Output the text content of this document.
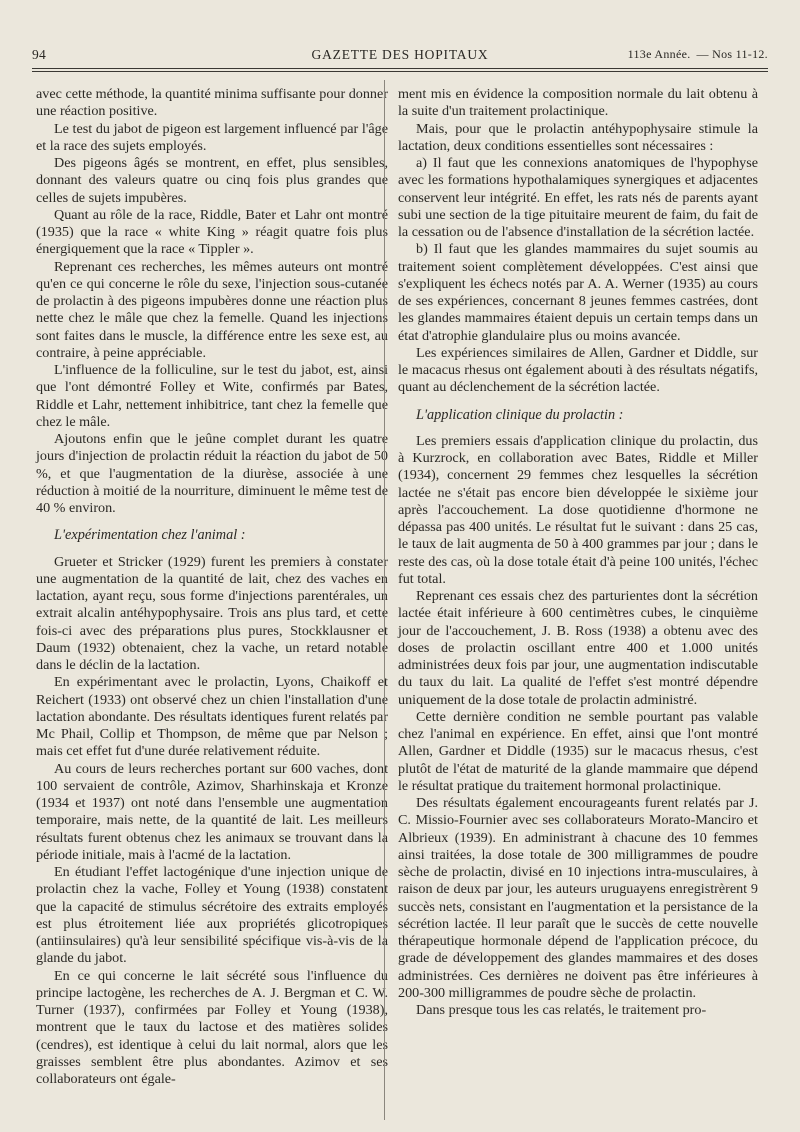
94	GAZETTE DES HOPITAUX	113e Année. — Nos 11-12.

avec cette méthode, la quantité minima suffisante pour donner une réaction positive.

Le test du jabot de pigeon est largement influencé par l'âge et la race des sujets employés.

Des pigeons âgés se montrent, en effet, plus sensibles, donnant des valeurs quatre ou cinq fois plus grandes que celles de sujets impubères.

Quant au rôle de la race, Riddle, Bater et Lahr ont montré (1935) que la race « white King » réagit quatre fois plus énergiquement que la race « Tippler ».

Reprenant ces recherches, les mêmes auteurs ont montré qu'en ce qui concerne le rôle du sexe, l'injection sous-cutanée de prolactin à des pigeons impubères donne une réaction plus nette chez le mâle que chez la femelle. Quand les injections sont faites dans le muscle, la différence entre les sexe est, au contraire, à peine appréciable.

L'influence de la folliculine, sur le test du jabot, est, ainsi que l'ont démontré Folley et Wite, confirmés par Bates, Riddle et Lahr, nettement inhibitrice, tant chez la femelle que chez le mâle.

Ajoutons enfin que le jeûne complet durant les quatre jours d'injection de prolactin réduit la réaction du jabot de 50 %, et que l'augmentation de la diurèse, associée à une réduction à moitié de la nourriture, diminuent le même test de 40 % environ.

L'expérimentation chez l'animal :

Grueter et Stricker (1929) furent les premiers à constater une augmentation de la quantité de lait, chez des vaches en lactation, ayant reçu, sous forme d'injections parentérales, un extrait alcalin antéhypophysaire. Trois ans plus tard, et cette fois-ci avec des préparations plus pures, Stockklausner et Daum (1932) obtenaient, chez la vache, un retard notable dans le déclin de la lactation.

En expérimentant avec le prolactin, Lyons, Chaikoff et Reichert (1933) ont observé chez un chien l'installation d'une lactation abondante. Des résultats identiques furent relatés par Mc Phail, Collip et Thompson, de même que par Nelson ; mais cet effet fut d'une durée relativement réduite.

Au cours de leurs recherches portant sur 600 vaches, dont 100 servaient de contrôle, Azimov, Sharhinskaja et Kronze (1934 et 1937) ont noté dans l'ensemble une augmentation temporaire, mais nette, de la quantité de lait. Les meilleurs résultats furent obtenus chez les animaux se trouvant dans la période initiale, mais à l'acmé de la lactation.

En étudiant l'effet lactogénique d'une injection unique de prolactin chez la vache, Folley et Young (1938) constatent que la capacité de stimulus sécrétoire des extraits employés est plus étroitement liée aux propriétés glicotropiques (antiinsulaires) qu'à leur sensibilité spécifique vis-à-vis de la glande du jabot.

En ce qui concerne le lait sécrété sous l'influence du principe lactogène, les recherches de A. J. Bergman et C. W. Turner (1937), confirmées par Folley et Young (1938), montrent que le taux du lactose et des matières solides (cendres), est identique à celui du lait normal, alors que les graisses semblent être plus abondantes. Azimov et ses collaborateurs ont égale-

ment mis en évidence la composition normale du lait obtenu à la suite d'un traitement prolactinique.

Mais, pour que le prolactin antéhypophysaire stimule la lactation, deux conditions essentielles sont nécessaires :

a) Il faut que les connexions anatomiques de l'hypophyse avec les formations hypothalamiques synergiques et adjacentes conservent leur intégrité. En effet, les rats nés de parents ayant subi une section de la tige pituitaire meurent de faim, du fait de la cessation ou de l'absence d'installation de la sécrétion lactée.

b) Il faut que les glandes mammaires du sujet soumis au traitement soient complètement développées. C'est ainsi que s'expliquent les échecs notés par A. A. Werner (1935) au cours de ses expériences, concernant 8 jeunes femmes castrées, dont les glandes mammaires étaient depuis un certain temps dans un état d'atrophie glandulaire plus ou moins avancée.

Les expériences similaires de Allen, Gardner et Diddle, sur le macacus rhesus ont également abouti à des résultats négatifs, quant au déclenchement de la sécrétion lactée.

L'application clinique du prolactin :

Les premiers essais d'application clinique du prolactin, dus à Kurzrock, en collaboration avec Bates, Riddle et Miller (1934), concernent 29 femmes chez lesquelles la sécrétion lactée ne s'était pas encore bien développée le sixième jour après l'accouchement. La dose quotidienne d'hormone ne dépassa pas 400 unités. Le résultat fut le suivant : dans 25 cas, le taux de lait augmenta de 50 à 400 grammes par jour ; dans le reste des cas, où la dose totale était d'à peine 100 unités, l'échec fut total.

Reprenant ces essais chez des parturientes dont la sécrétion lactée était inférieure à 600 centimètres cubes, le cinquième jour de l'accouchement, J. B. Ross (1938) a obtenu avec des doses de prolactin oscillant entre 400 et 1.000 unités administrées deux fois par jour, une augmentation indiscutable du taux du lait. La qualité de l'effet s'est montré dépendre uniquement de la dose totale de prolactin administré.

Cette dernière condition ne semble pourtant pas valable chez l'animal en expérience. En effet, ainsi que l'ont montré Allen, Gardner et Diddle (1935) sur le macacus rhesus, c'est plutôt de l'état de maturité de la glande mammaire que dépend le résultat pratique du traitement hormonal prolactinique.

Des résultats également encourageants furent relatés par J. C. Missio-Fournier avec ses collaborateurs Morato-Manciro et Albrieux (1939). En administrant à chacune des 10 femmes ainsi traitées, la dose totale de 300 milligrammes de poudre sèche de prolactin, divisé en 10 injections intra-musculaires, à raison de deux par jour, les auteurs uruguayens enregistrèrent 9 succès nets, consistant en l'augmentation et la persistance de la sécrétion lactée. Il leur paraît que le succès de cette nouvelle thérapeutique hormonale dépend de l'application précoce, du grade de développement des glandes mammaires et des doses administrées. Ces dernières ne doivent pas être inférieures à 200-300 milligrammes de poudre sèche de prolactin.

Dans presque tous les cas relatés, le traitement pro-
